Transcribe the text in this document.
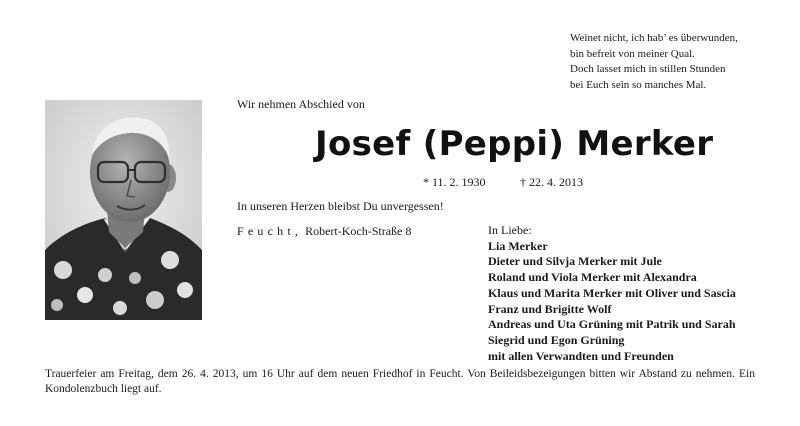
Weinet nicht, ich hab’ es überwunden,
bin befreit von meiner Qual.
Doch lasset mich in stillen Stunden
bei Euch sein so manches Mal.
Wir nehmen Abschied von
Josef (Peppi) Merker
* 11. 2. 1930	† 22. 4. 2013
In unseren Herzen bleibst Du unvergessen!
Feucht, Robert-Koch-Straße 8	In Liebe:
Lia Merker
Dieter und Silvja Merker mit Jule
Roland und Viola Merker mit Alexandra
Klaus und Marita Merker mit Oliver und Sascia
Franz und Brigitte Wolf
Andreas und Uta Grüning mit Patrik und Sarah
Siegrid und Egon Grüning
mit allen Verwandten und Freunden
Trauerfeier am Freitag, dem 26. 4. 2013, um 16 Uhr auf dem neuen Friedhof in Feucht. Von Beileidsbezeigungen bitten wir Abstand zu nehmen. Ein Kondolenzbuch liegt auf.
